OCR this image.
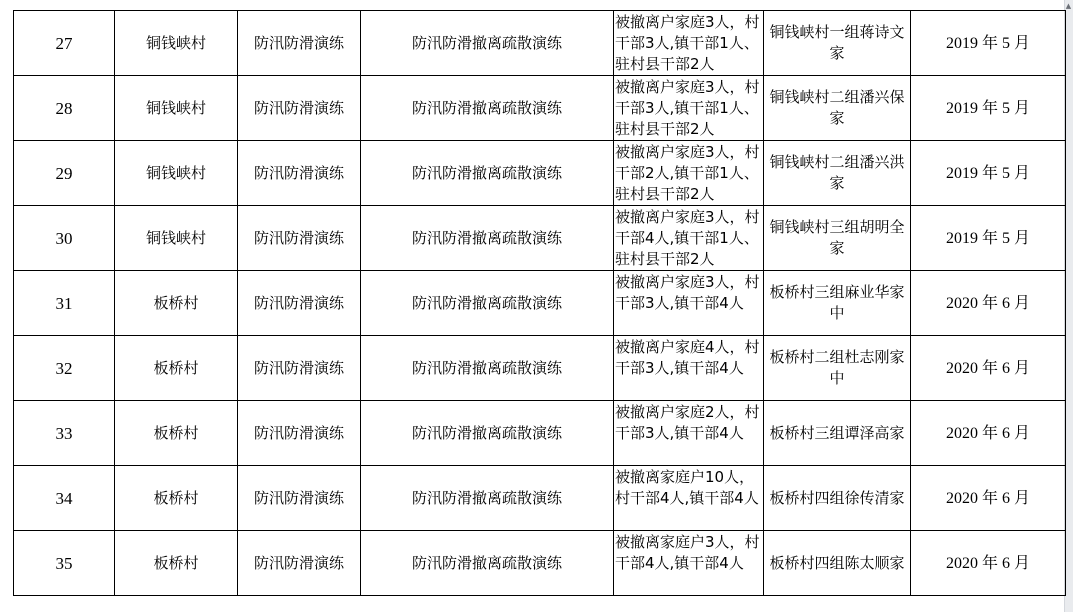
▲
27	铜钱峡村	防汛防滑演练	防汛防滑撤离疏散演练	被撤离户家庭3人，村干部3人,镇干部1人、驻村县干部2人	铜钱峡村一组蒋诗文家	2019 年 5 月
28	铜钱峡村	防汛防滑演练	防汛防滑撤离疏散演练	被撤离户家庭3人，村干部3人,镇干部1人、驻村县干部2人	铜钱峡村二组潘兴保家	2019 年 5 月
29	铜钱峡村	防汛防滑演练	防汛防滑撤离疏散演练	被撤离户家庭3人，村干部2人,镇干部1人、驻村县干部2人	铜钱峡村二组潘兴洪家	2019 年 5 月
30	铜钱峡村	防汛防滑演练	防汛防滑撤离疏散演练	被撤离户家庭3人，村干部4人,镇干部1人、驻村县干部2人	铜钱峡村三组胡明全家	2019 年 5 月
31	板桥村	防汛防滑演练	防汛防滑撤离疏散演练	被撤离户家庭3人，村干部3人,镇干部4人	板桥村三组麻业华家中	2020 年 6 月
32	板桥村	防汛防滑演练	防汛防滑撤离疏散演练	被撤离户家庭4人，村干部3人,镇干部4人	板桥村二组杜志刚家中	2020 年 6 月
33	板桥村	防汛防滑演练	防汛防滑撤离疏散演练	被撤离户家庭2人，村干部3人,镇干部4人	板桥村三组谭泽高家	2020 年 6 月
34	板桥村	防汛防滑演练	防汛防滑撤离疏散演练	被撤离家庭户10人，村干部4人,镇干部4人	板桥村四组徐传清家	2020 年 6 月
35	板桥村	防汛防滑演练	防汛防滑撤离疏散演练	被撤离家庭户3人，村干部4人,镇干部4人	板桥村四组陈太顺家	2020 年 6 月
